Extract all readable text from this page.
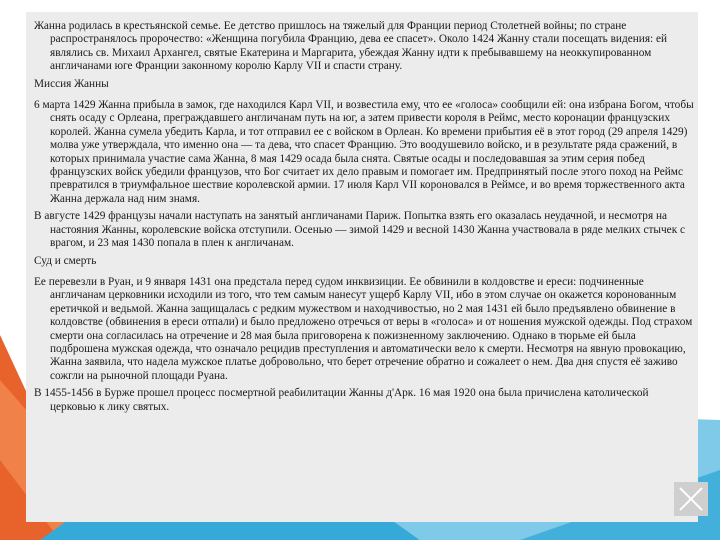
Жанна родилась в крестьянской семье. Ее детство пришлось на тяжелый для Франции период Столетней войны; по стране распространялось пророчество: «Женщина погубила Францию, дева ее спасет». Около 1424 Жанну стали посещать видения: ей являлись св. Михаил Архангел, святые Екатерина и Маргарита, убеждая Жанну идти к пребывавшему на неоккупированном англичанами юге Франции законному королю Карлу VII и спасти страну.

Миссия Жанны

6 марта 1429 Жанна прибыла в замок, где находился Карл VII, и возвестила ему, что ее «голоса» сообщили ей: она избрана Богом, чтобы снять осаду с Орлеана, преграждавшего англичанам путь на юг, а затем привести короля в Реймс, место коронации французских королей. Жанна сумела убедить Карла, и тот отправил ее с войском в Орлеан. Ко времени прибытия её в этот город (29 апреля 1429) молва уже утверждала, что именно она — та дева, что спасет Францию. Это воодушевило войско, и в результате ряда сражений, в которых принимала участие сама Жанна, 8 мая 1429 осада была снята. Святые осады и последовавшая за этим серия побед французских войск убедили французов, что Бог считает их дело правым и помогает им. Предпринятый после этого поход на Реймс превратился в триумфальное шествие королевской армии. 17 июля Карл VII короновался в Реймсе, и во время торжественного акта Жанна держала над ним знамя.

В августе 1429 французы начали наступать на занятый англичанами Париж. Попытка взять его оказалась неудачной, и несмотря на настояния Жанны, королевские войска отступили. Осенью — зимой 1429 и весной 1430 Жанна участвовала в ряде мелких стычек с врагом, и 23 мая 1430 попала в плен к англичанам.

Суд и смерть

Ее перевезли в Руан, и 9 января 1431 она предстала перед судом инквизиции. Ее обвинили в колдовстве и ереси: подчиненные англичанам церковники исходили из того, что тем самым нанесут ущерб Карлу VII, ибо в этом случае он окажется коронованным еретичкой и ведьмой. Жанна защищалась с редким мужеством и находчивостью, но 2 мая 1431 ей было предъявлено обвинение в колдовстве (обвинения в ереси отпали) и было предложено отречься от веры в «голоса» и от ношения мужской одежды. Под страхом смерти она согласилась на отречение и 28 мая была приговорена к пожизненному заключению. Однако в тюрьме ей была подброшена мужская одежда, что означало рецидив преступления и автоматически вело к смерти. Несмотря на явную провокацию, Жанна заявила, что надела мужское платье добровольно, что берет отречение обратно и сожалеет о нем. Два дня спустя её заживо сожгли на рыночной площади Руана.

В 1455-1456 в Бурже прошел процесс посмертной реабилитации Жанны д'Арк. 16 мая 1920 она была причислена католической церковью к лику святых.
